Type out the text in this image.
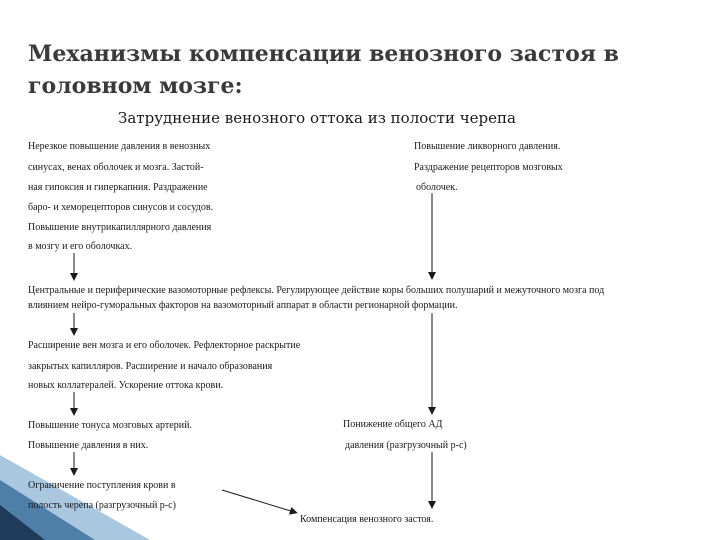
Механизмы компенсации венозного застоя в головном мозге:
Затруднение венозного оттока из полости черепа
Нерезкое повышение давления в венозных
синусах, венах оболочек и мозга. Застой-
ная гипоксия и гиперкапния. Раздражение
баро- и хеморецепторов синусов и сосудов.
Повышение внутрикапиллярного давления
в мозгу и его оболочках.
Повышение ликворного давления.
Раздражение рецепторов мозговых
оболочек.
Центральные и периферические вазомоторные рефлексы. Регулирующее действие коры больших полушарий и межуточного мозга под
влиянием нейро-гуморальных факторов на вазомоторный аппарат в области регионарной формации.
Расширение вен мозга и его оболочек. Рефлекторное раскрытие
закрытых капилляров. Расширение и начало образования
новых коллатералей. Ускорение оттока крови.
Повышение тонуса мозговых артерий.
Повышение давления в них.
Понижение общего АД
давления (разгрузочный р-с)
Ограничение поступления крови в
полость черепа (разгрузочный р-с)
Компенсация венозного застоя.
